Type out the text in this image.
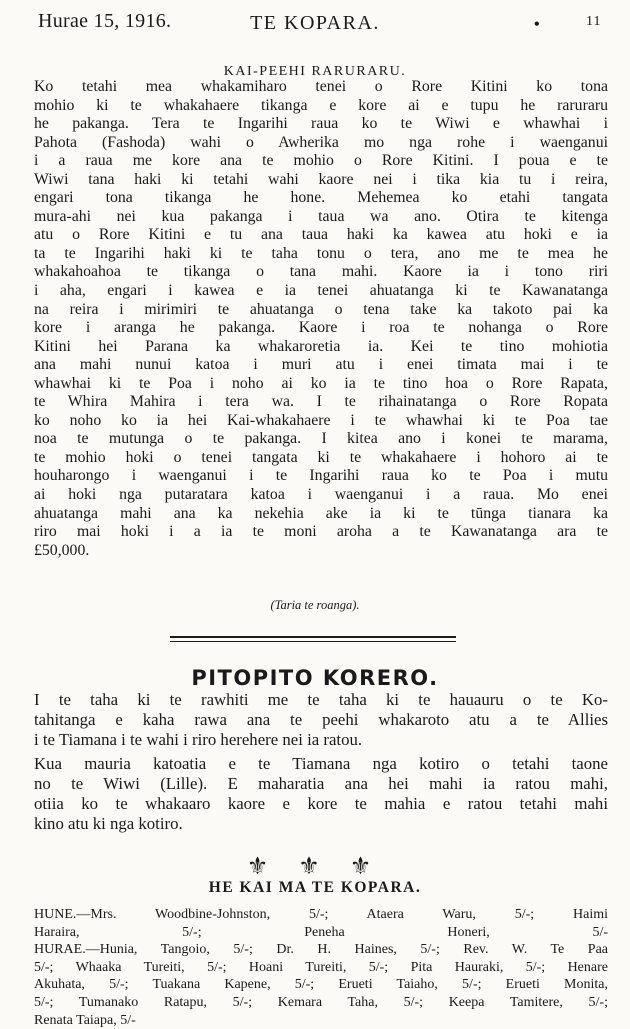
Hurae 15, 1916.	TE KOPARA.	•	11
KAI-PEEHI RARURARU.
Ko tetahi mea whakamiharo tenei o Rore Kitini ko tona
mohio ki te whakahaere tikanga e kore ai e tupu he raruraru
he pakanga. Tera te Ingarihi raua ko te Wiwi e whawhai i
Pahota (Fashoda) wahi o Awherika mo nga rohe i waenganui
i a raua me kore ana te mohio o Rore Kitini. I poua e te
Wiwi tana haki ki tetahi wahi kaore nei i tika kia tu i reira,
engari tona tikanga he hone. Mehemea ko etahi tangata
mura-ahi nei kua pakanga i taua wa ano. Otira te kitenga
atu o Rore Kitini e tu ana taua haki ka kawea atu hoki e ia
ta te Ingarihi haki ki te taha tonu o tera, ano me te mea he
whakahoahoa te tikanga o tana mahi. Kaore ia i tono riri
i aha, engari i kawea e ia tenei ahuatanga ki te Kawanatanga
na reira i mirimiri te ahuatanga o tena take ka takoto pai ka
kore i aranga he pakanga. Kaore i roa te nohanga o Rore
Kitini hei Parana ka whakaroretia ia. Kei te tino mohiotia
ana mahi nunui katoa i muri atu i enei timata mai i te
whawhai ki te Poa i noho ai ko ia te tino hoa o Rore Rapata,
te Whira Mahira i tera wa. I te rihainatanga o Rore Ropata
ko noho ko ia hei Kai-whakahaere i te whawhai ki te Poa tae
noa te mutunga o te pakanga. I kitea ano i konei te marama,
te mohio hoki o tenei tangata ki te whakahaere i hohoro ai te
houharongo i waenganui i te Ingarihi raua ko te Poa i mutu
ai hoki nga putaratara katoa i waenganui i a raua. Mo enei
ahuatanga mahi ana ka nekehia ake ia ki te tūnga tianara ka
riro mai hoki i a ia te moni aroha a te Kawanatanga ara te
£50,000.
(Taria te roanga).
PITOPITO KORERO.
I te taha ki te rawhiti me te taha ki te hauauru o te Ko-
tahitanga e kaha rawa ana te peehi whakaroto atu a te Allies
i te Tiamana i te wahi i riro herehere nei ia ratou.
Kua mauria katoatia e te Tiamana nga kotiro o tetahi taone
no te Wiwi (Lille). E maharatia ana hei mahi ia ratou mahi,
otiia ko te whakaaro kaore e kore te mahia e ratou tetahi mahi
kino atu ki nga kotiro.
⚜ ⚜ ⚜
HE KAI MA TE KOPARA.
HUNE.—Mrs. Woodbine-Johnston, 5/-; Ataera Waru, 5/-; Haimi
Haraira, 5/-; Peneha Honeri, 5/-
HURAE.—Hunia, Tangoio, 5/-; Dr. H. Haines, 5/-; Rev. W. Te Paa
5/-; Whaaka Tureiti, 5/-; Hoani Tureiti, 5/-; Pita Hauraki, 5/-; Henare
Akuhata, 5/-; Tuakana Kapene, 5/-; Erueti Taiaho, 5/-; Erueti Monita,
5/-; Tumanako Ratapu, 5/-; Kemara Taha, 5/-; Keepa Tamitere, 5/-;
Renata Taiapa, 5/-
